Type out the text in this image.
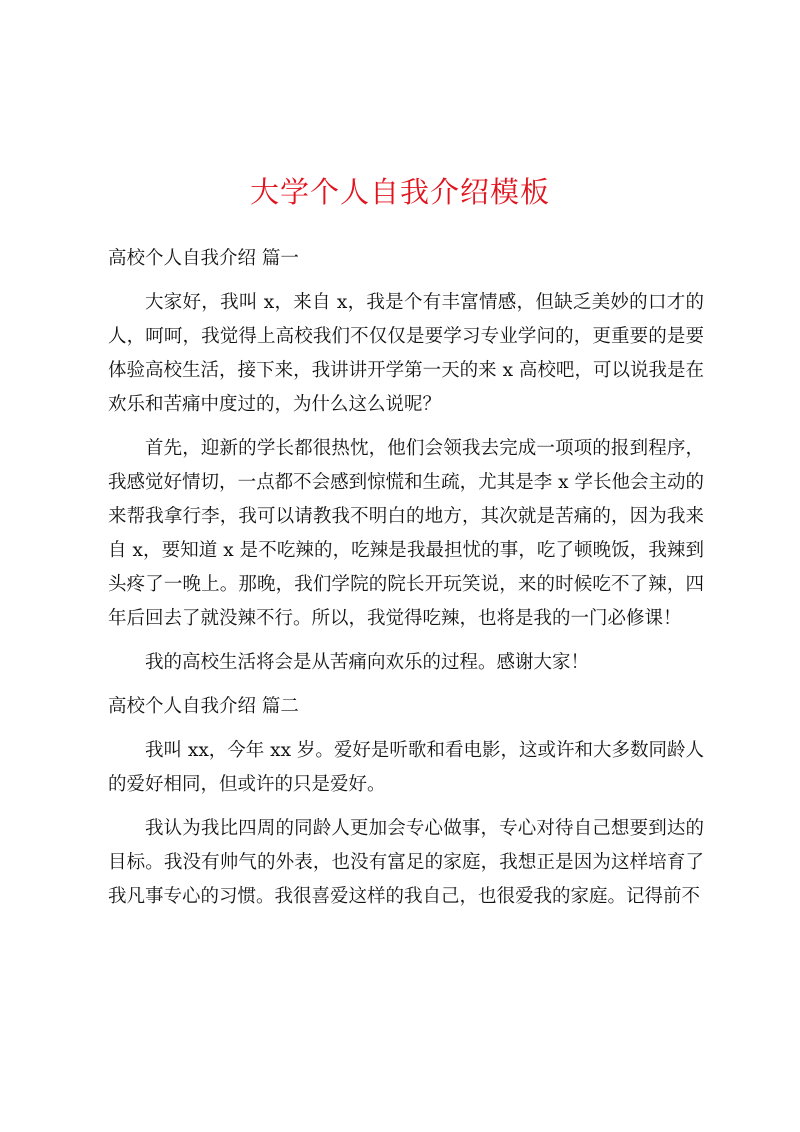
大学个人自我介绍模板
高校个人自我介绍 篇一

大家好，我叫 x，来自 x，我是个有丰富情感，但缺乏美妙的口才的人，呵呵，我觉得上高校我们不仅仅是要学习专业学问的，更重要的是要体验高校生活，接下来，我讲讲开学第一天的来 x 高校吧，可以说我是在欢乐和苦痛中度过的，为什么这么说呢？

首先，迎新的学长都很热忱，他们会领我去完成一项项的报到程序，我感觉好情切，一点都不会感到惊慌和生疏，尤其是李 x 学长他会主动的来帮我拿行李，我可以请教我不明白的地方，其次就是苦痛的，因为我来自 x，要知道 x 是不吃辣的，吃辣是我最担忧的事，吃了顿晚饭，我辣到头疼了一晚上。那晚，我们学院的院长开玩笑说，来的时候吃不了辣，四年后回去了就没辣不行。所以，我觉得吃辣，也将是我的一门必修课！

我的高校生活将会是从苦痛向欢乐的过程。感谢大家！

高校个人自我介绍 篇二

我叫 xx，今年 xx 岁。爱好是听歌和看电影，这或许和大多数同龄人的爱好相同，但或许的只是爱好。

我认为我比四周的同龄人更加会专心做事，专心对待自己想要到达的目标。我没有帅气的外表，也没有富足的家庭，我想正是因为这样培育了我凡事专心的习惯。我很喜爱这样的我自己，也很爱我的家庭。记得前不
